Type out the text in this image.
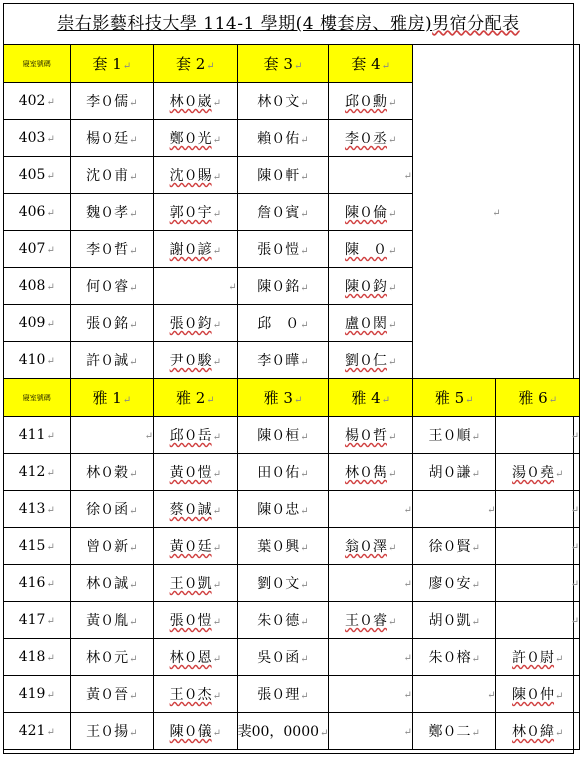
崇右影藝科技大學 114-1 學期(4 樓套房、雅房)男宿分配表
寢室號碼	套 1↵	套 2↵	套 3↵	套 4↵	↵	
402↵	李０儒↵	林０崴↵	林０文↵	邱０勳↵		
403↵	楊０廷↵	鄭０光↵	賴０佑↵	李０丞↵		
405↵	沈０甫↵	沈０賜↵	陳０軒↵	↵		
406↵	魏０孝↵	郭０宇↵	詹０賓↵	陳０倫↵		
407↵	李０哲↵	謝０諺↵	張０愷↵	陳　０↵		
408↵	何０睿↵	↵	陳０銘↵	陳０鈞↵		
409↵	張０銘↵	張０鈞↵	邱　０↵	盧０閎↵		
410↵	許０誠↵	尹０駿↵	李０曄↵	劉０仁↵		
寢室號碼	雅 1↵	雅 2↵	雅 3↵	雅 4↵	雅 5↵	雅 6↵
411↵	↵	邱０岳↵	陳０桓↵	楊０哲↵	王０順↵	↵
412↵	林０穀↵	黃０愷↵	田０佑↵	林０雋↵	胡０謙↵	湯０堯↵
413↵	徐０函↵	蔡０誠↵	陳０忠↵	↵	↵	↵
415↵	曾０新↵	黃０廷↵	葉０興↵	翁０澤↵	徐０賢↵	↵
416↵	林０誠↵	王０凱↵	劉０文↵	↵	廖０安↵	↵
417↵	黃０胤↵	張０愷↵	朱０德↵	王０睿↵	胡０凱↵	↵
418↵	林０元↵	林０恩↵	吳０函↵	↵	朱０榕↵	許０尉↵
419↵	黃０晉↵	王０杰↵	張０理↵	↵	↵	陳０仲↵
421↵	王０揚↵	陳０儀↵	裴00，0000↵	↵	鄭０二↵	林０緯↵
